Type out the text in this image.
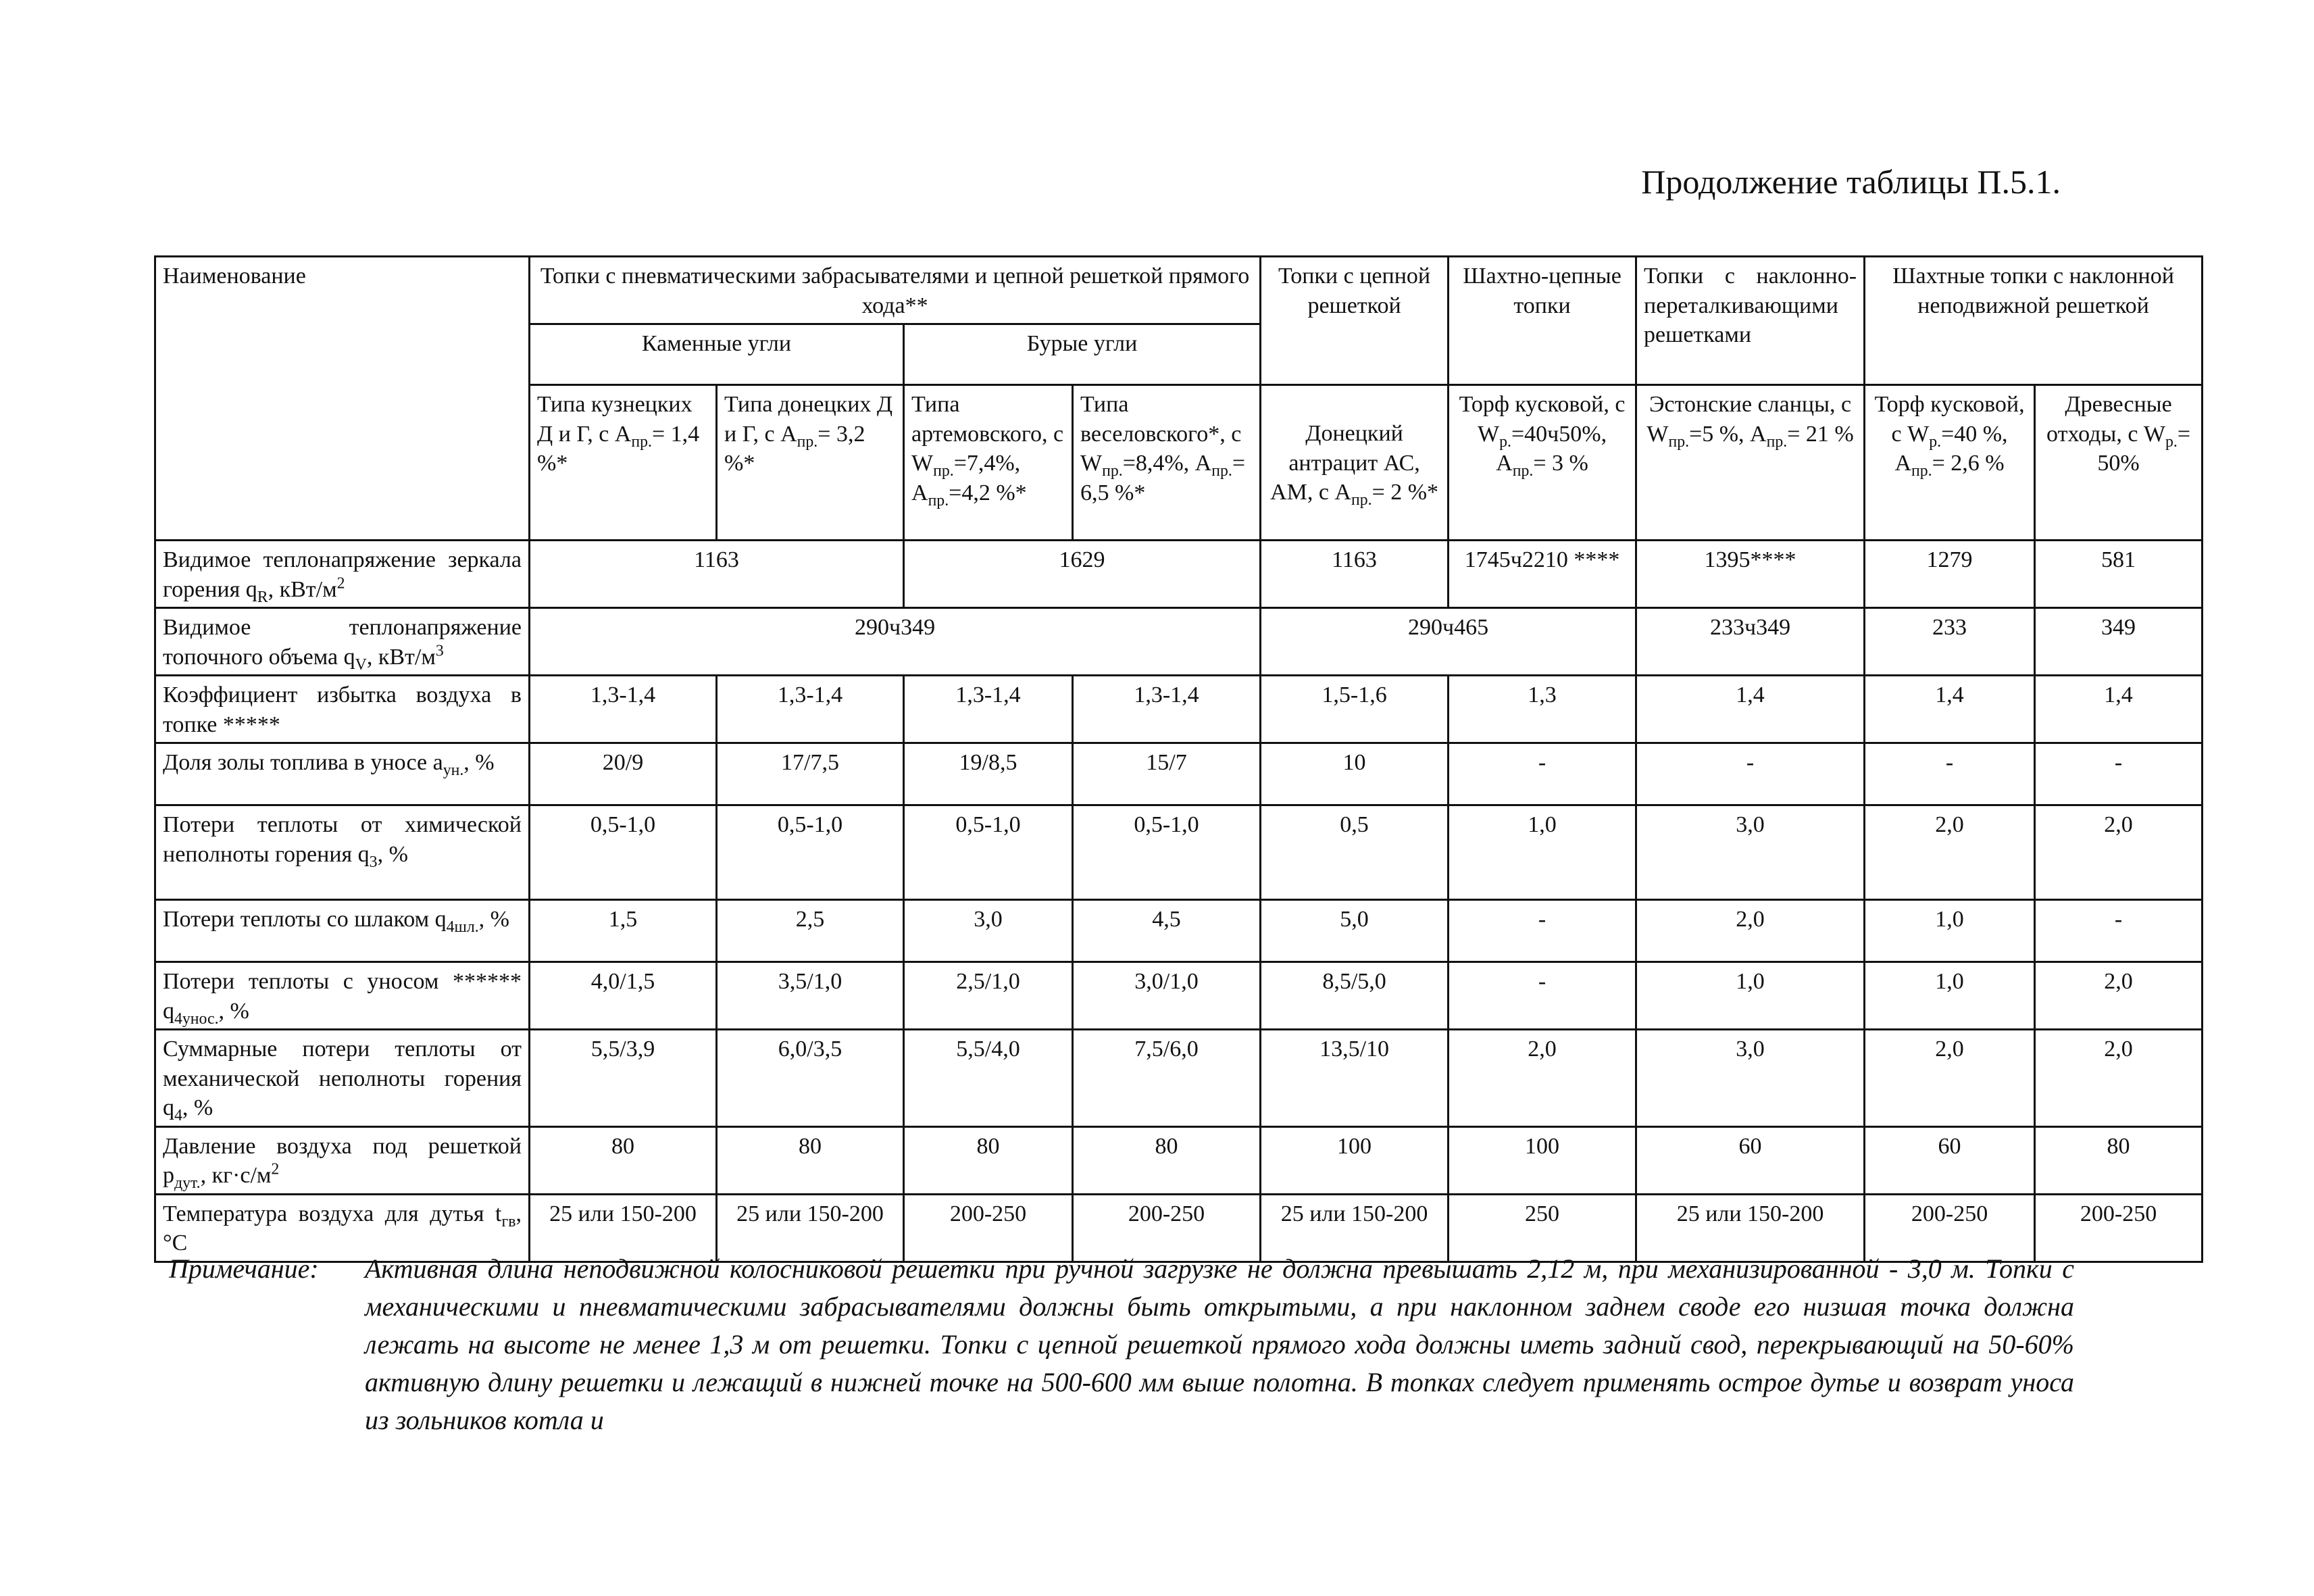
Продолжение таблицы П.5.1.
Наименование	Топки с пневматическими забрасывателями и цепной решеткой прямого хода**				Топки с цепной решеткой	Шахтно-цепные топки	Топки с наклонно-переталкивающими решетками	Шахтные топки с наклонной неподвижной решеткой	
	Каменные угли		Бурые угли						
	Типа кузнецких Д и Г, с $А_{пр.}= 1,4$ %*	Типа донецких Д и Г, с $А_{пр.}= 3,2$ %*	Типа артемовского, с $W_{пр.}=7,4\%$, $А_{пр.}=4,2$ %*	Типа веселовского*, с $W_{пр.}=8,4\%$, $А_{пр.}= 6,5$ %*	Донецкий антрацит АС, АМ, с $А_{пр.}= 2$ %*	Торф кусковой, с $W_{р.}=40ч50\%$, $А_{пр.}= 3$ %	Эстонские сланцы, с $W_{пр.}=5$ %, $А_{пр.}= 21$ %	Торф кусковой, с $W_{р.}=40$ %, $А_{пр.}= 2,6$ %	Древесные отходы, с $W_{р.}= 50\%$
Видимое теплонапряжение зеркала горения $q_R$, кВт/$м^2$	1163		1629		1163	1745ч2210 ****	1395****	1279	581
Видимое теплонапряжение топочного объема $q_V$, кВт/$м^3$	290ч349				290ч465		233ч349	233	349
Коэффициент избытка воздуха в топке *****	1,3-1,4	1,3-1,4	1,3-1,4	1,3-1,4	1,5-1,6	1,3	1,4	1,4	1,4
Доля золы топлива в уносе $а_{ун.}$, %	20/9	17/7,5	19/8,5	15/7	10	-	-	-	-
Потери теплоты от химической неполноты горения $q_3$, %	0,5-1,0	0,5-1,0	0,5-1,0	0,5-1,0	0,5	1,0	3,0	2,0	2,0
Потери теплоты со шлаком $q_{4шл.}$, %	1,5	2,5	3,0	4,5	5,0	-	2,0	1,0	-
Потери теплоты с уносом ****** $q_{4унос.}$, %	4,0/1,5	3,5/1,0	2,5/1,0	3,0/1,0	8,5/5,0	-	1,0	1,0	2,0
Суммарные потери теплоты от механической неполноты горения $q_4$, %	5,5/3,9	6,0/3,5	5,5/4,0	7,5/6,0	13,5/10	2,0	3,0	2,0	2,0
Давление воздуха под решеткой $р_{дут.}$, $кг\cdot с/м^2$	80	80	80	80	100	100	60	60	80
Температура воздуха для дутья $t_{гв}$, °С	25 или 150-200	25 или 150-200	200-250	200-250	25 или 150-200	250	25 или 150-200	200-250	200-250
Примечание: Активная длина неподвижной колосниковой решетки при ручной загрузке не должна превышать 2,12 м, при механизированной - 3,0 м. Топки с механическими и пневматическими забрасывателями должны быть открытыми, а при наклонном заднем своде его низшая точка должна лежать на высоте не менее 1,3 м от решетки. Топки с цепной решеткой прямого хода должны иметь задний свод, перекрывающий на 50-60% активную длину решетки и лежащий в нижней точке на 500-600 мм выше полотна. В топках следует применять острое дутье и возврат уноса из зольников котла и
